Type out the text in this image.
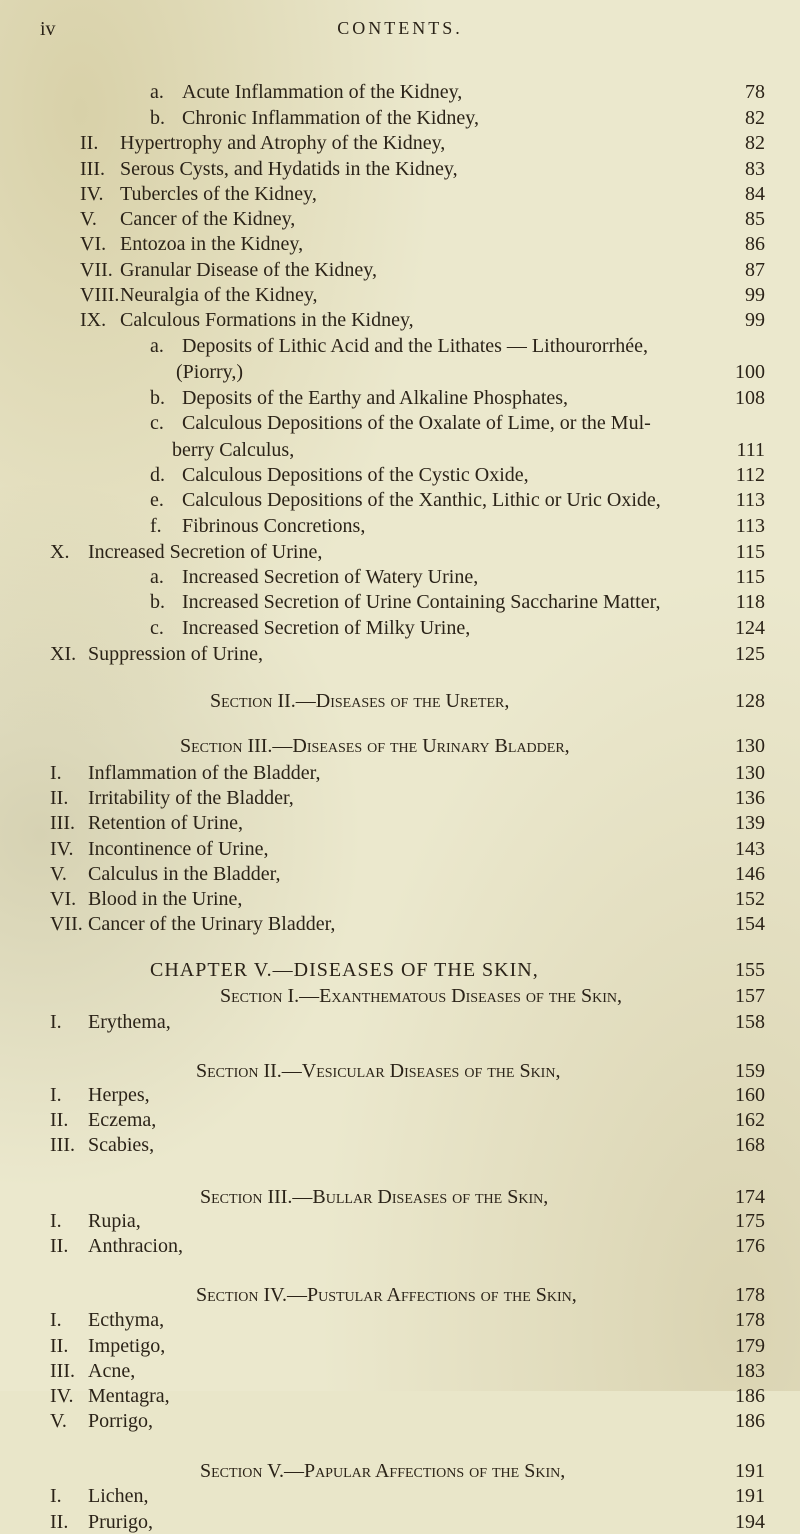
iv	CONTENTS.
a. Acute Inflammation of the Kidney,	78
b. Chronic Inflammation of the Kidney,	82
II. Hypertrophy and Atrophy of the Kidney,	82
III. Serous Cysts, and Hydatids in the Kidney,	83
IV. Tubercles of the Kidney,	84
V. Cancer of the Kidney,	85
VI. Entozoa in the Kidney,	86
VII. Granular Disease of the Kidney,	87
VIII. Neuralgia of the Kidney,	99
IX. Calculous Formations in the Kidney,	99
a. Deposits of Lithic Acid and the Lithates — Lithourorrhée,
(Piorry,)	100
b. Deposits of the Earthy and Alkaline Phosphates,	108
c. Calculous Depositions of the Oxalate of Lime, or the Mul-
berry Calculus,	111
d. Calculous Depositions of the Cystic Oxide,	112
e. Calculous Depositions of the Xanthic, Lithic or Uric Oxide,	113
f. Fibrinous Concretions,	113
X. Increased Secretion of Urine,	115
a. Increased Secretion of Watery Urine,	115
b. Increased Secretion of Urine Containing Saccharine Matter,	118
c. Increased Secretion of Milky Urine,	124
XI. Suppression of Urine,	125
Section II.—Diseases of the Ureter,	128
Section III.—Diseases of the Urinary Bladder,	130
I. Inflammation of the Bladder,	130
II. Irritability of the Bladder,	136
III. Retention of Urine,	139
IV. Incontinence of Urine,	143
V. Calculus in the Bladder,	146
VI. Blood in the Urine,	152
VII. Cancer of the Urinary Bladder,	154
CHAPTER V.—DISEASES OF THE SKIN,	155
Section I.—Exanthematous Diseases of the Skin,	157
I. Erythema,	158
Section II.—Vesicular Diseases of the Skin,	159
I. Herpes,	160
II. Eczema,	162
III. Scabies,	168
Section III.—Bullar Diseases of the Skin,	174
I. Rupia,	175
II. Anthracion,	176
Section IV.—Pustular Affections of the Skin,	178
I. Ecthyma,	178
II. Impetigo,	179
III. Acne,	183
IV. Mentagra,	186
V. Porrigo,	186
Section V.—Papular Affections of the Skin,	191
I. Lichen,	191
II. Prurigo,	194
